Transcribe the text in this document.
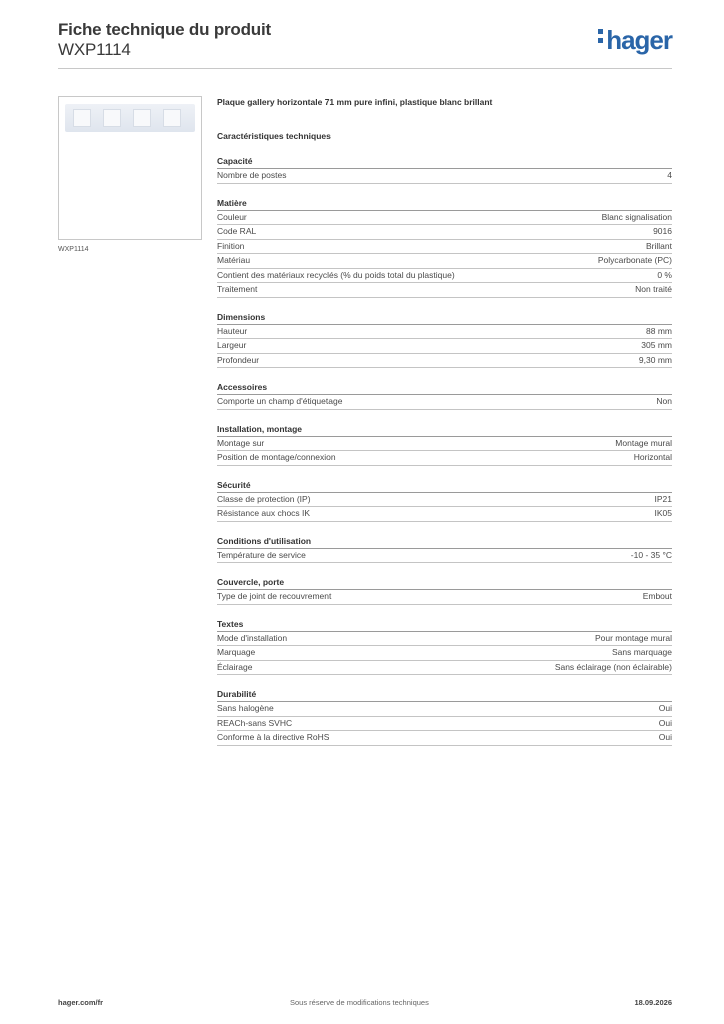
Fiche technique du produit
WXP1114	hager
WXP1114
Plaque gallery horizontale 71 mm pure infini, plastique blanc brillant
Caractéristiques techniques
Capacité
Nombre de postes	4
Matière
Couleur	Blanc signalisation
Code RAL	9016
Finition	Brillant
Matériau	Polycarbonate (PC)
Contient des matériaux recyclés (% du poids total du plastique)	0 %
Traitement	Non traité
Dimensions
Hauteur	88 mm
Largeur	305 mm
Profondeur	9,30 mm
Accessoires
Comporte un champ d'étiquetage	Non
Installation, montage
Montage sur	Montage mural
Position de montage/connexion	Horizontal
Sécurité
Classe de protection (IP)	IP21
Résistance aux chocs IK	IK05
Conditions d'utilisation
Température de service	-10 - 35 °C
Couvercle, porte
Type de joint de recouvrement	Embout
Textes
Mode d'installation	Pour montage mural
Marquage	Sans marquage
Éclairage	Sans éclairage (non éclairable)
Durabilité
Sans halogène	Oui
REACh-sans SVHC	Oui
Conforme à la directive RoHS	Oui
hager.com/fr	Sous réserve de modifications techniques	18.09.2026
